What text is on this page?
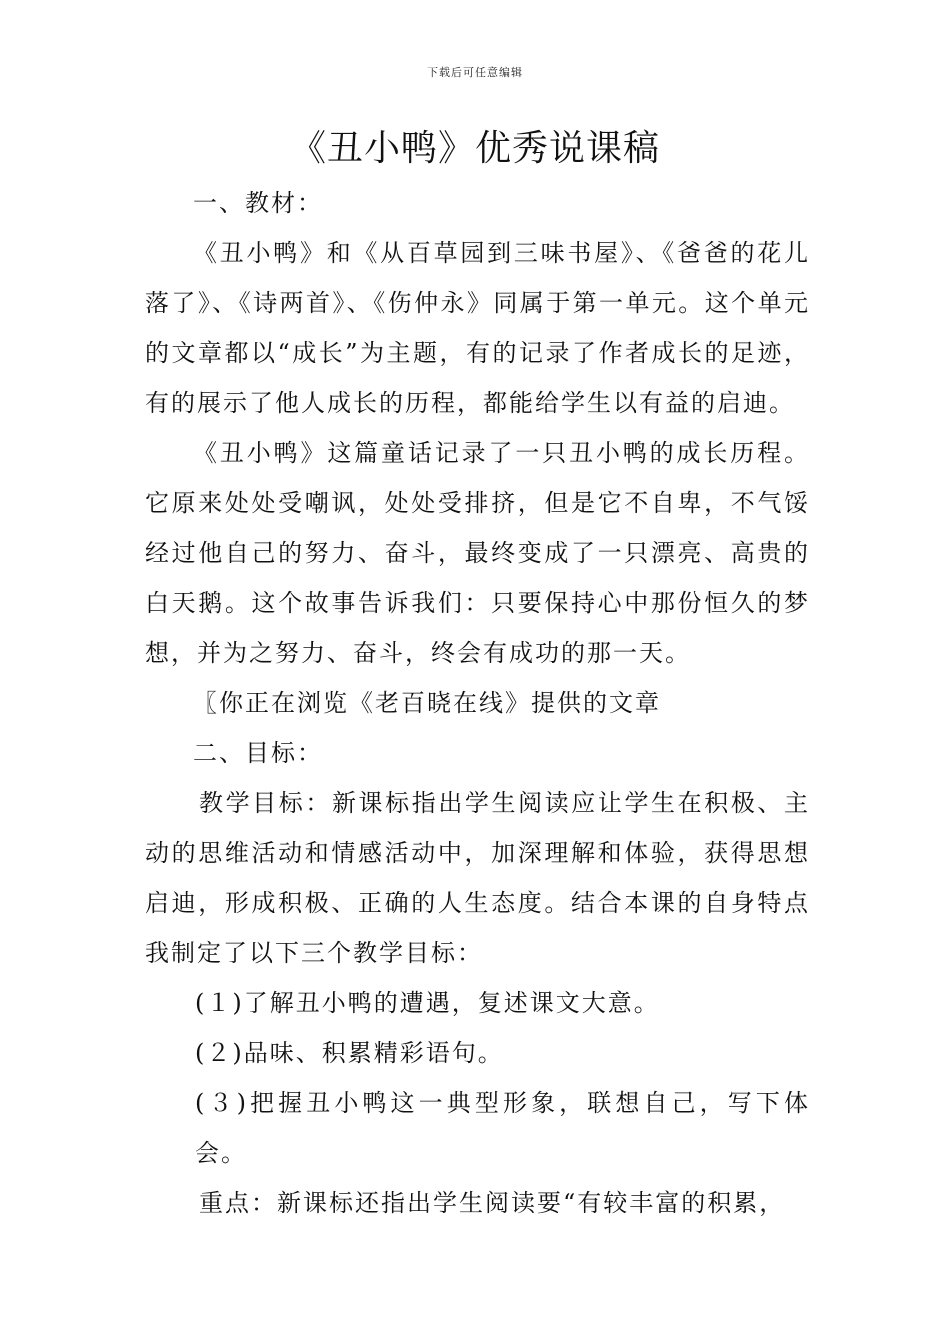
下载后可任意编辑
《丑小鸭》优秀说课稿

一、教材：

《丑小鸭》和《从百草园到三味书屋》、《爸爸的花儿落了》、《诗两首》、《伤仲永》同属于第一单元。这个单元的文章都以“成长”为主题，有的记录了作者成长的足迹，有的展示了他人成长的历程，都能给学生以有益的启迪。

《丑小鸭》这篇童话记录了一只丑小鸭的成长历程。它原来处处受嘲讽，处处受排挤，但是它不自卑，不气馁经过他自己的努力、奋斗，最终变成了一只漂亮、高贵的白天鹅。这个故事告诉我们：只要保持心中那份恒久的梦想，并为之努力、奋斗，终会有成功的那一天。

〖你正在浏览《老百晓在线》提供的文章

二、目标：

教学目标：新课标指出学生阅读应让学生在积极、主动的思维活动和情感活动中，加深理解和体验，获得思想启迪，形成积极、正确的人生态度。结合本课的自身特点我制定了以下三个教学目标：

(１)了解丑小鸭的遭遇，复述课文大意。

(２)品味、积累精彩语句。

(３)把握丑小鸭这一典型形象，联想自己，写下体会。

重点：新课标还指出学生阅读要“有较丰富的积累，
